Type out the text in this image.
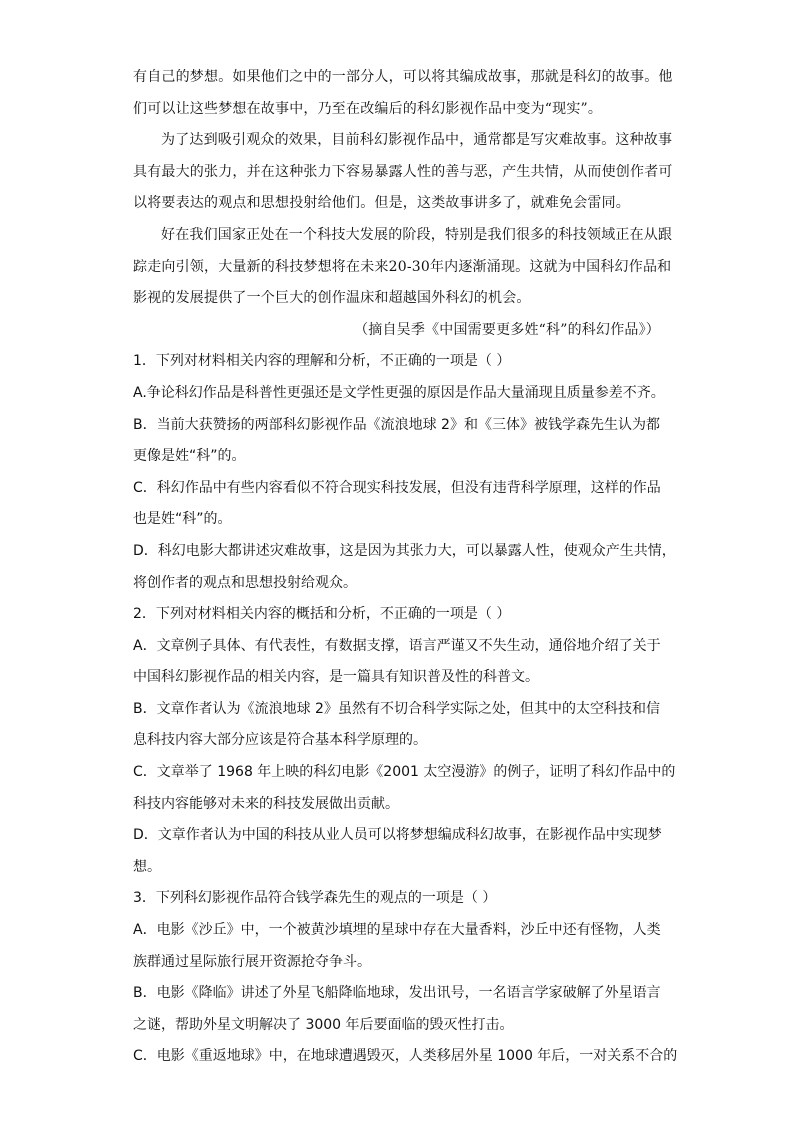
有自己的梦想。如果他们之中的一部分人，可以将其编成故事，那就是科幻的故事。他
们可以让这些梦想在故事中，乃至在改编后的科幻影视作品中变为“现实”。

为了达到吸引观众的效果，目前科幻影视作品中，通常都是写灾难故事。这种故事
具有最大的张力，并在这种张力下容易暴露人性的善与恶，产生共情，从而使创作者可
以将要表达的观点和思想投射给他们。但是，这类故事讲多了，就难免会雷同。

好在我们国家正处在一个科技大发展的阶段，特别是我们很多的科技领域正在从跟
踪走向引领，大量新的科技梦想将在未来20-30年内逐渐涌现。这就为中国科幻作品和
影视的发展提供了一个巨大的创作温床和超越国外科幻的机会。

（摘自吴季《中国需要更多姓“科”的科幻作品》）

1．下列对材料相关内容的理解和分析，不正确的一项是（ ）

A.争论科幻作品是科普性更强还是文学性更强的原因是作品大量涌现且质量参差不齐。

B．当前大获赞扬的两部科幻影视作品《流浪地球 2》和《三体》被钱学森先生认为都
更像是姓“科”的。

C．科幻作品中有些内容看似不符合现实科技发展，但没有违背科学原理，这样的作品
也是姓“科”的。

D．科幻电影大都讲述灾难故事，这是因为其张力大，可以暴露人性，使观众产生共情，
将创作者的观点和思想投射给观众。

2．下列对材料相关内容的概括和分析，不正确的一项是（ ）

A．文章例子具体、有代表性，有数据支撑，语言严谨又不失生动，通俗地介绍了关于
中国科幻影视作品的相关内容，是一篇具有知识普及性的科普文。

B．文章作者认为《流浪地球 2》虽然有不切合科学实际之处，但其中的太空科技和信
息科技内容大部分应该是符合基本科学原理的。

C．文章举了 1968 年上映的科幻电影《2001 太空漫游》的例子，证明了科幻作品中的
科技内容能够对未来的科技发展做出贡献。

D．文章作者认为中国的科技从业人员可以将梦想编成科幻故事，在影视作品中实现梦
想。

3．下列科幻影视作品符合钱学森先生的观点的一项是（ ）

A．电影《沙丘》中，一个被黄沙填埋的星球中存在大量香料，沙丘中还有怪物，人类
族群通过星际旅行展开资源抢夺争斗。

B．电影《降临》讲述了外星飞船降临地球，发出讯号，一名语言学家破解了外星语言
之谜，帮助外星文明解决了 3000 年后要面临的毁灭性打击。

C．电影《重返地球》中，在地球遭遇毁灭，人类移居外星 1000 年后，一对关系不合的
